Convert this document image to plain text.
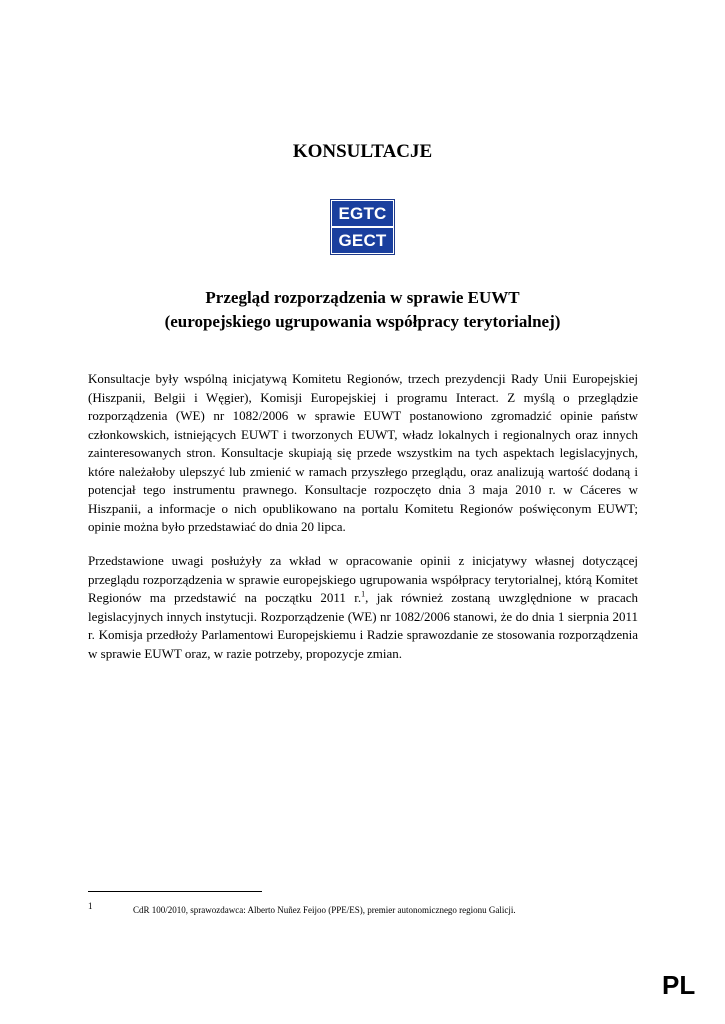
KONSULTACJE
EGTC
GECT
Przegląd rozporządzenia w sprawie EUWT
(europejskiego ugrupowania współpracy terytorialnej)

Konsultacje były wspólną inicjatywą Komitetu Regionów, trzech prezydencji Rady Unii Europejskiej (Hiszpanii, Belgii i Węgier), Komisji Europejskiej i programu Interact. Z myślą o przeglądzie rozporządzenia (WE) nr 1082/2006 w sprawie EUWT postanowiono zgromadzić opinie państw członkowskich, istniejących EUWT i tworzonych EUWT, władz lokalnych i regionalnych oraz innych zainteresowanych stron. Konsultacje skupiają się przede wszystkim na tych aspektach legislacyjnych, które należałoby ulepszyć lub zmienić w ramach przyszłego przeglądu, oraz analizują wartość dodaną i potencjał tego instrumentu prawnego. Konsultacje rozpoczęto dnia 3 maja 2010 r. w Cáceres w Hiszpanii, a informacje o nich opublikowano na portalu Komitetu Regionów poświęconym EUWT; opinie można było przedstawiać do dnia 20 lipca.

Przedstawione uwagi posłużyły za wkład w opracowanie opinii z inicjatywy własnej dotyczącej przeglądu rozporządzenia w sprawie europejskiego ugrupowania współpracy terytorialnej, którą Komitet Regionów ma przedstawić na początku 2011 r.$^1$, jak również zostaną uwzględnione w pracach legislacyjnych innych instytucji. Rozporządzenie (WE) nr 1082/2006 stanowi, że do dnia 1 sierpnia 2011 r. Komisja przedłoży Parlamentowi Europejskiemu i Radzie sprawozdanie ze stosowania rozporządzenia w sprawie EUWT oraz, w razie potrzeby, propozycje zmian.

1	CdR 100/2010, sprawozdawca: Alberto Nuñez Feijoo (PPE/ES), premier autonomicznego regionu Galicji.
PL
